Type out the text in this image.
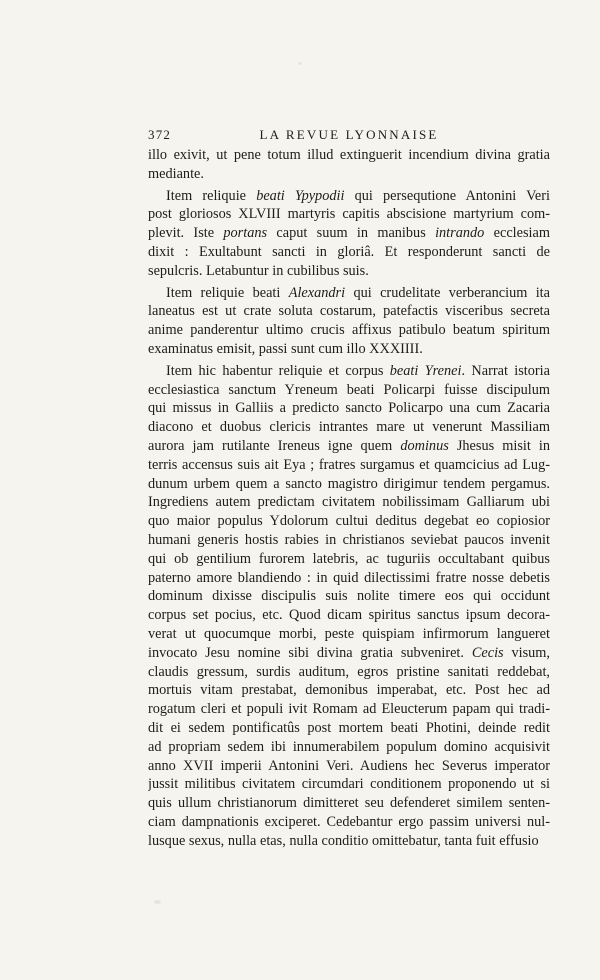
372	LA REVUE LYONNAISE
illo exivit, ut pene totum illud extinguerit incendium divina gratia
mediante.
Item reliquie beati Ypypodii qui persequtione Antonini Veri
post gloriosos XLVIII martyris capitis abscisione martyrium com-
plevit. Iste portans caput suum in manibus intrando ecclesiam
dixit : Exultabunt sancti in gloriâ. Et responderunt sancti de
sepulcris. Letabuntur in cubilibus suis.
Item reliquie beati Alexandri qui crudelitate verberancium ita
laneatus est ut crate soluta costarum, patefactis visceribus secreta
anime panderentur ultimo crucis affixus patibulo beatum spiritum
examinatus emisit, passi sunt cum illo XXXIIII.
Item hic habentur reliquie et corpus beati Yrenei. Narrat istoria
ecclesiastica sanctum Yreneum beati Policarpi fuisse discipulum
qui missus in Galliis a predicto sancto Policarpo una cum Zacaria
diacono et duobus clericis intrantes mare ut venerunt Massiliam
aurora jam rutilante Ireneus igne quem dominus Jhesus misit in
terris accensus suis ait Eya ; fratres surgamus et quamcicius ad Lug-
dunum urbem quem a sancto magistro dirigimur tendem pergamus.
Ingrediens autem predictam civitatem nobilissimam Galliarum ubi
quo maior populus Ydolorum cultui deditus degebat eo copiosior
humani generis hostis rabies in christianos seviebat paucos invenit
qui ob gentilium furorem latebris, ac tuguriis occultabant quibus
paterno amore blandiendo : in quid dilectissimi fratre nosse debetis
dominum dixisse discipulis suis nolite timere eos qui occidunt
corpus set pocius, etc. Quod dicam spiritus sanctus ipsum decora-
verat ut quocumque morbi, peste quispiam infirmorum langueret
invocato Jesu nomine sibi divina gratia subveniret. Cecis visum,
claudis gressum, surdis auditum, egros pristine sanitati reddebat,
mortuis vitam prestabat, demonibus imperabat, etc. Post hec ad
rogatum cleri et populi ivit Romam ad Eleucterum papam qui tradi-
dit ei sedem pontificatûs post mortem beati Photini, deinde redit
ad propriam sedem ibi innumerabilem populum domino acquisivit
anno XVII imperii Antonini Veri. Audiens hec Severus imperator
jussit militibus civitatem circumdari conditionem proponendo ut si
quis ullum christianorum dimitteret seu defenderet similem senten-
ciam dampnationis exciperet. Cedebantur ergo passim universi nul-
lusque sexus, nulla etas, nulla conditio omittebatur, tanta fuit effusio
